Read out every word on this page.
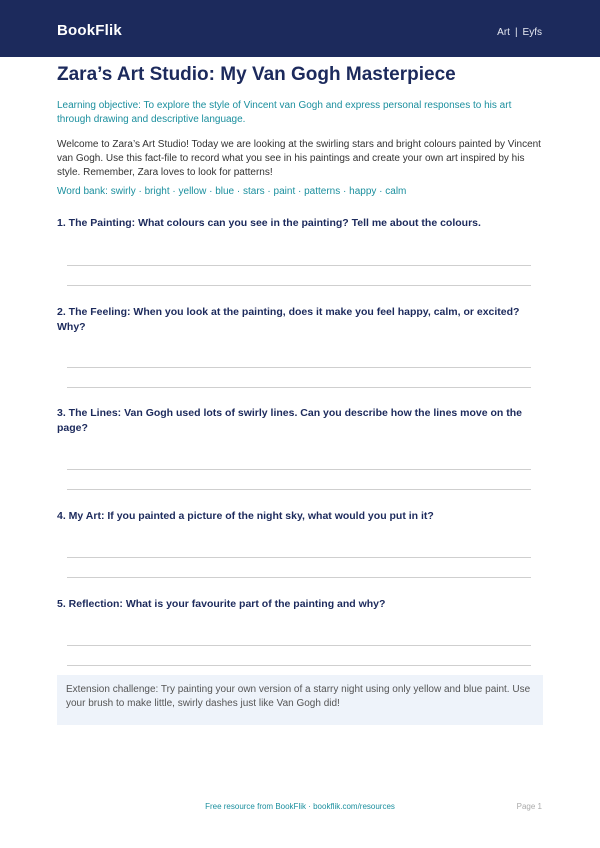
BookFlik	Art | Eyfs
Zara’s Art Studio: My Van Gogh Masterpiece

Learning objective: To explore the style of Vincent van Gogh and express personal responses to his art through drawing and descriptive language.

Welcome to Zara’s Art Studio! Today we are looking at the swirling stars and bright colours painted by Vincent van Gogh. Use this fact-file to record what you see in his paintings and create your own art inspired by his style. Remember, Zara loves to look for patterns!

Word bank: swirly · bright · yellow · blue · stars · paint · patterns · happy · calm

1. The Painting: What colours can you see in the painting? Tell me about the colours.

2. The Feeling: When you look at the painting, does it make you feel happy, calm, or excited? Why?

3. The Lines: Van Gogh used lots of swirly lines. Can you describe how the lines move on the page?

4. My Art: If you painted a picture of the night sky, what would you put in it?

5. Reflection: What is your favourite part of the painting and why?

Extension challenge: Try painting your own version of a starry night using only yellow and blue paint. Use your brush to make little, swirly dashes just like Van Gogh did!
Free resource from BookFlik · bookflik.com/resources	Page 1
